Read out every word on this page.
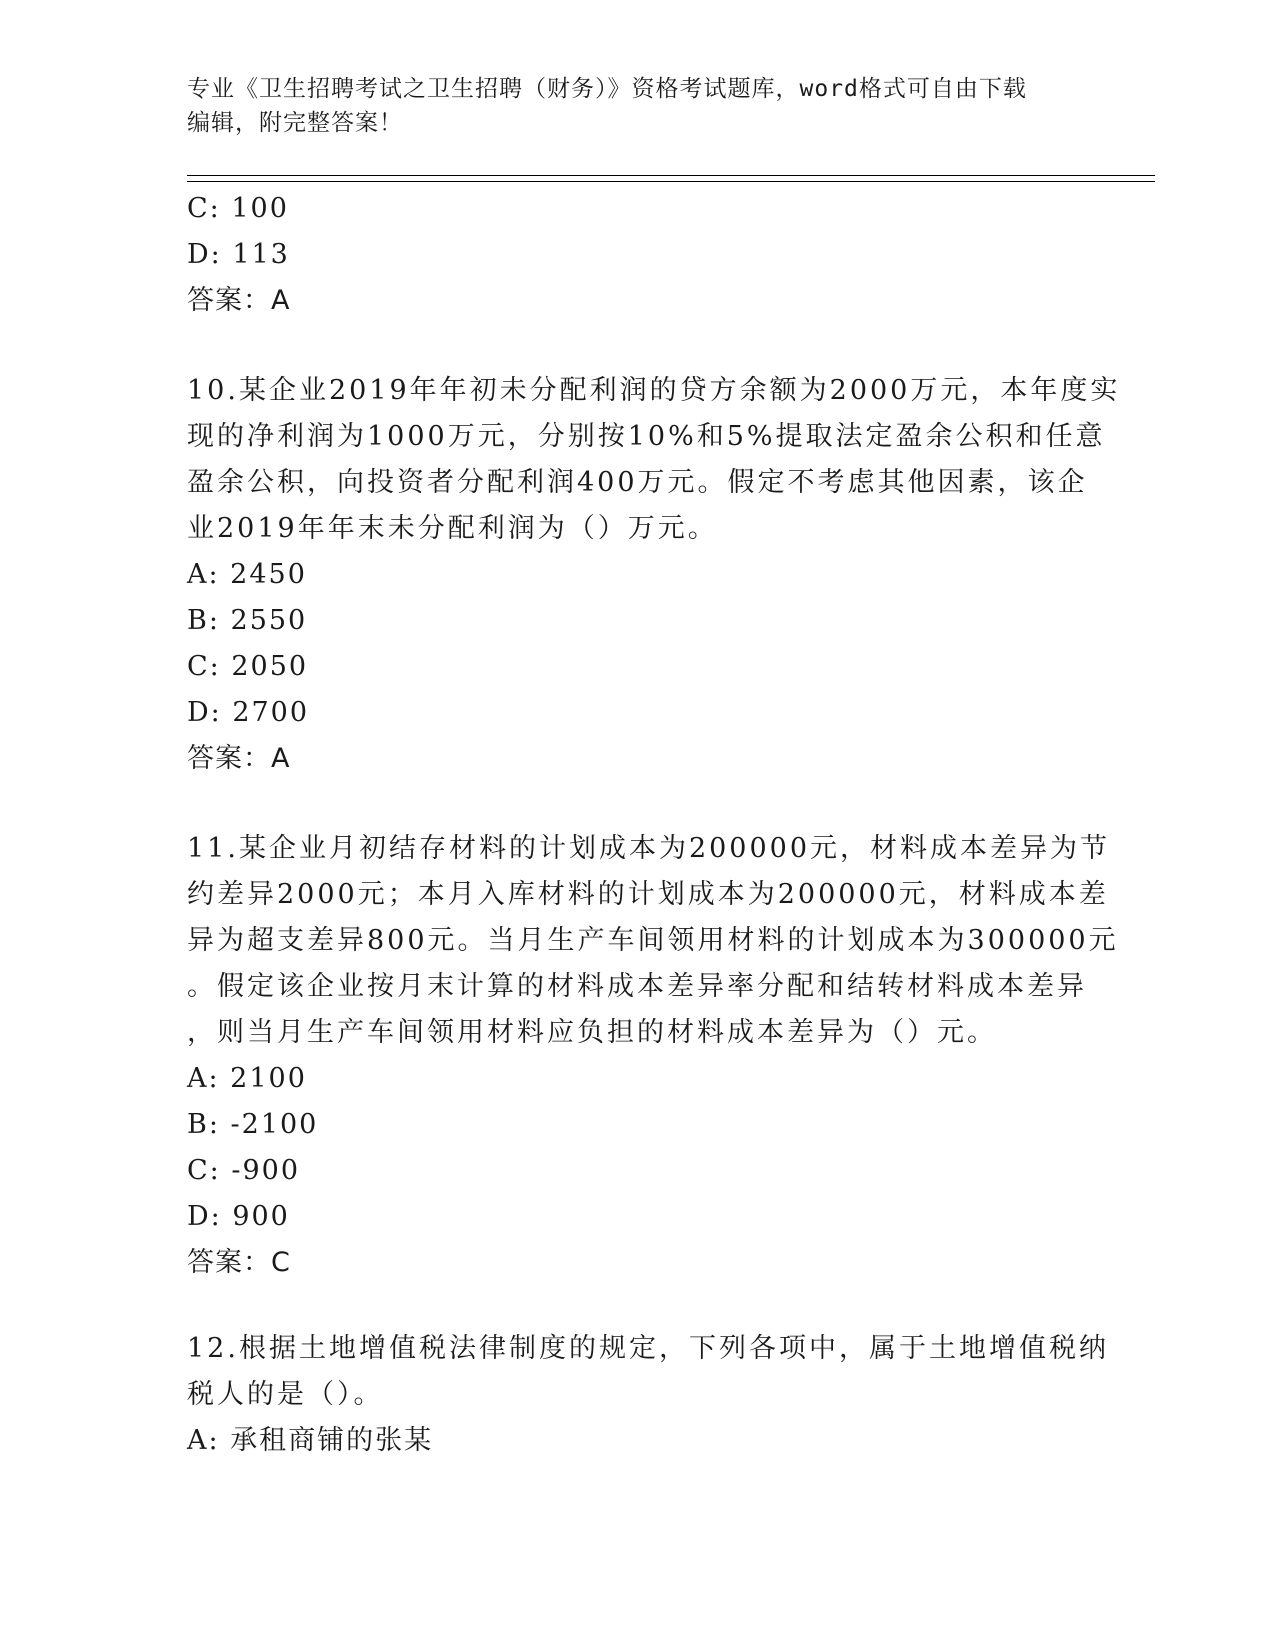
专业《卫生招聘考试之卫生招聘（财务）》资格考试题库，word格式可自由下载
编辑，附完整答案！
C: 100
D: 113
答案：A
10.某企业2019年年初未分配利润的贷方余额为2000万元，本年度实
现的净利润为1000万元，分别按10%和5%提取法定盈余公积和任意
盈余公积，向投资者分配利润400万元。假定不考虑其他因素，该企
业2019年年末未分配利润为（）万元。
A: 2450
B: 2550
C: 2050
D: 2700
答案：A
11.某企业月初结存材料的计划成本为200000元，材料成本差异为节
约差异2000元；本月入库材料的计划成本为200000元，材料成本差
异为超支差异800元。当月生产车间领用材料的计划成本为300000元
。假定该企业按月末计算的材料成本差异率分配和结转材料成本差异
，则当月生产车间领用材料应负担的材料成本差异为（）元。
A: 2100
B: -2100
C: -900
D: 900
答案：C
12.根据土地增值税法律制度的规定，下列各项中，属于土地增值税纳
税人的是（）。
A: 承租商铺的张某
